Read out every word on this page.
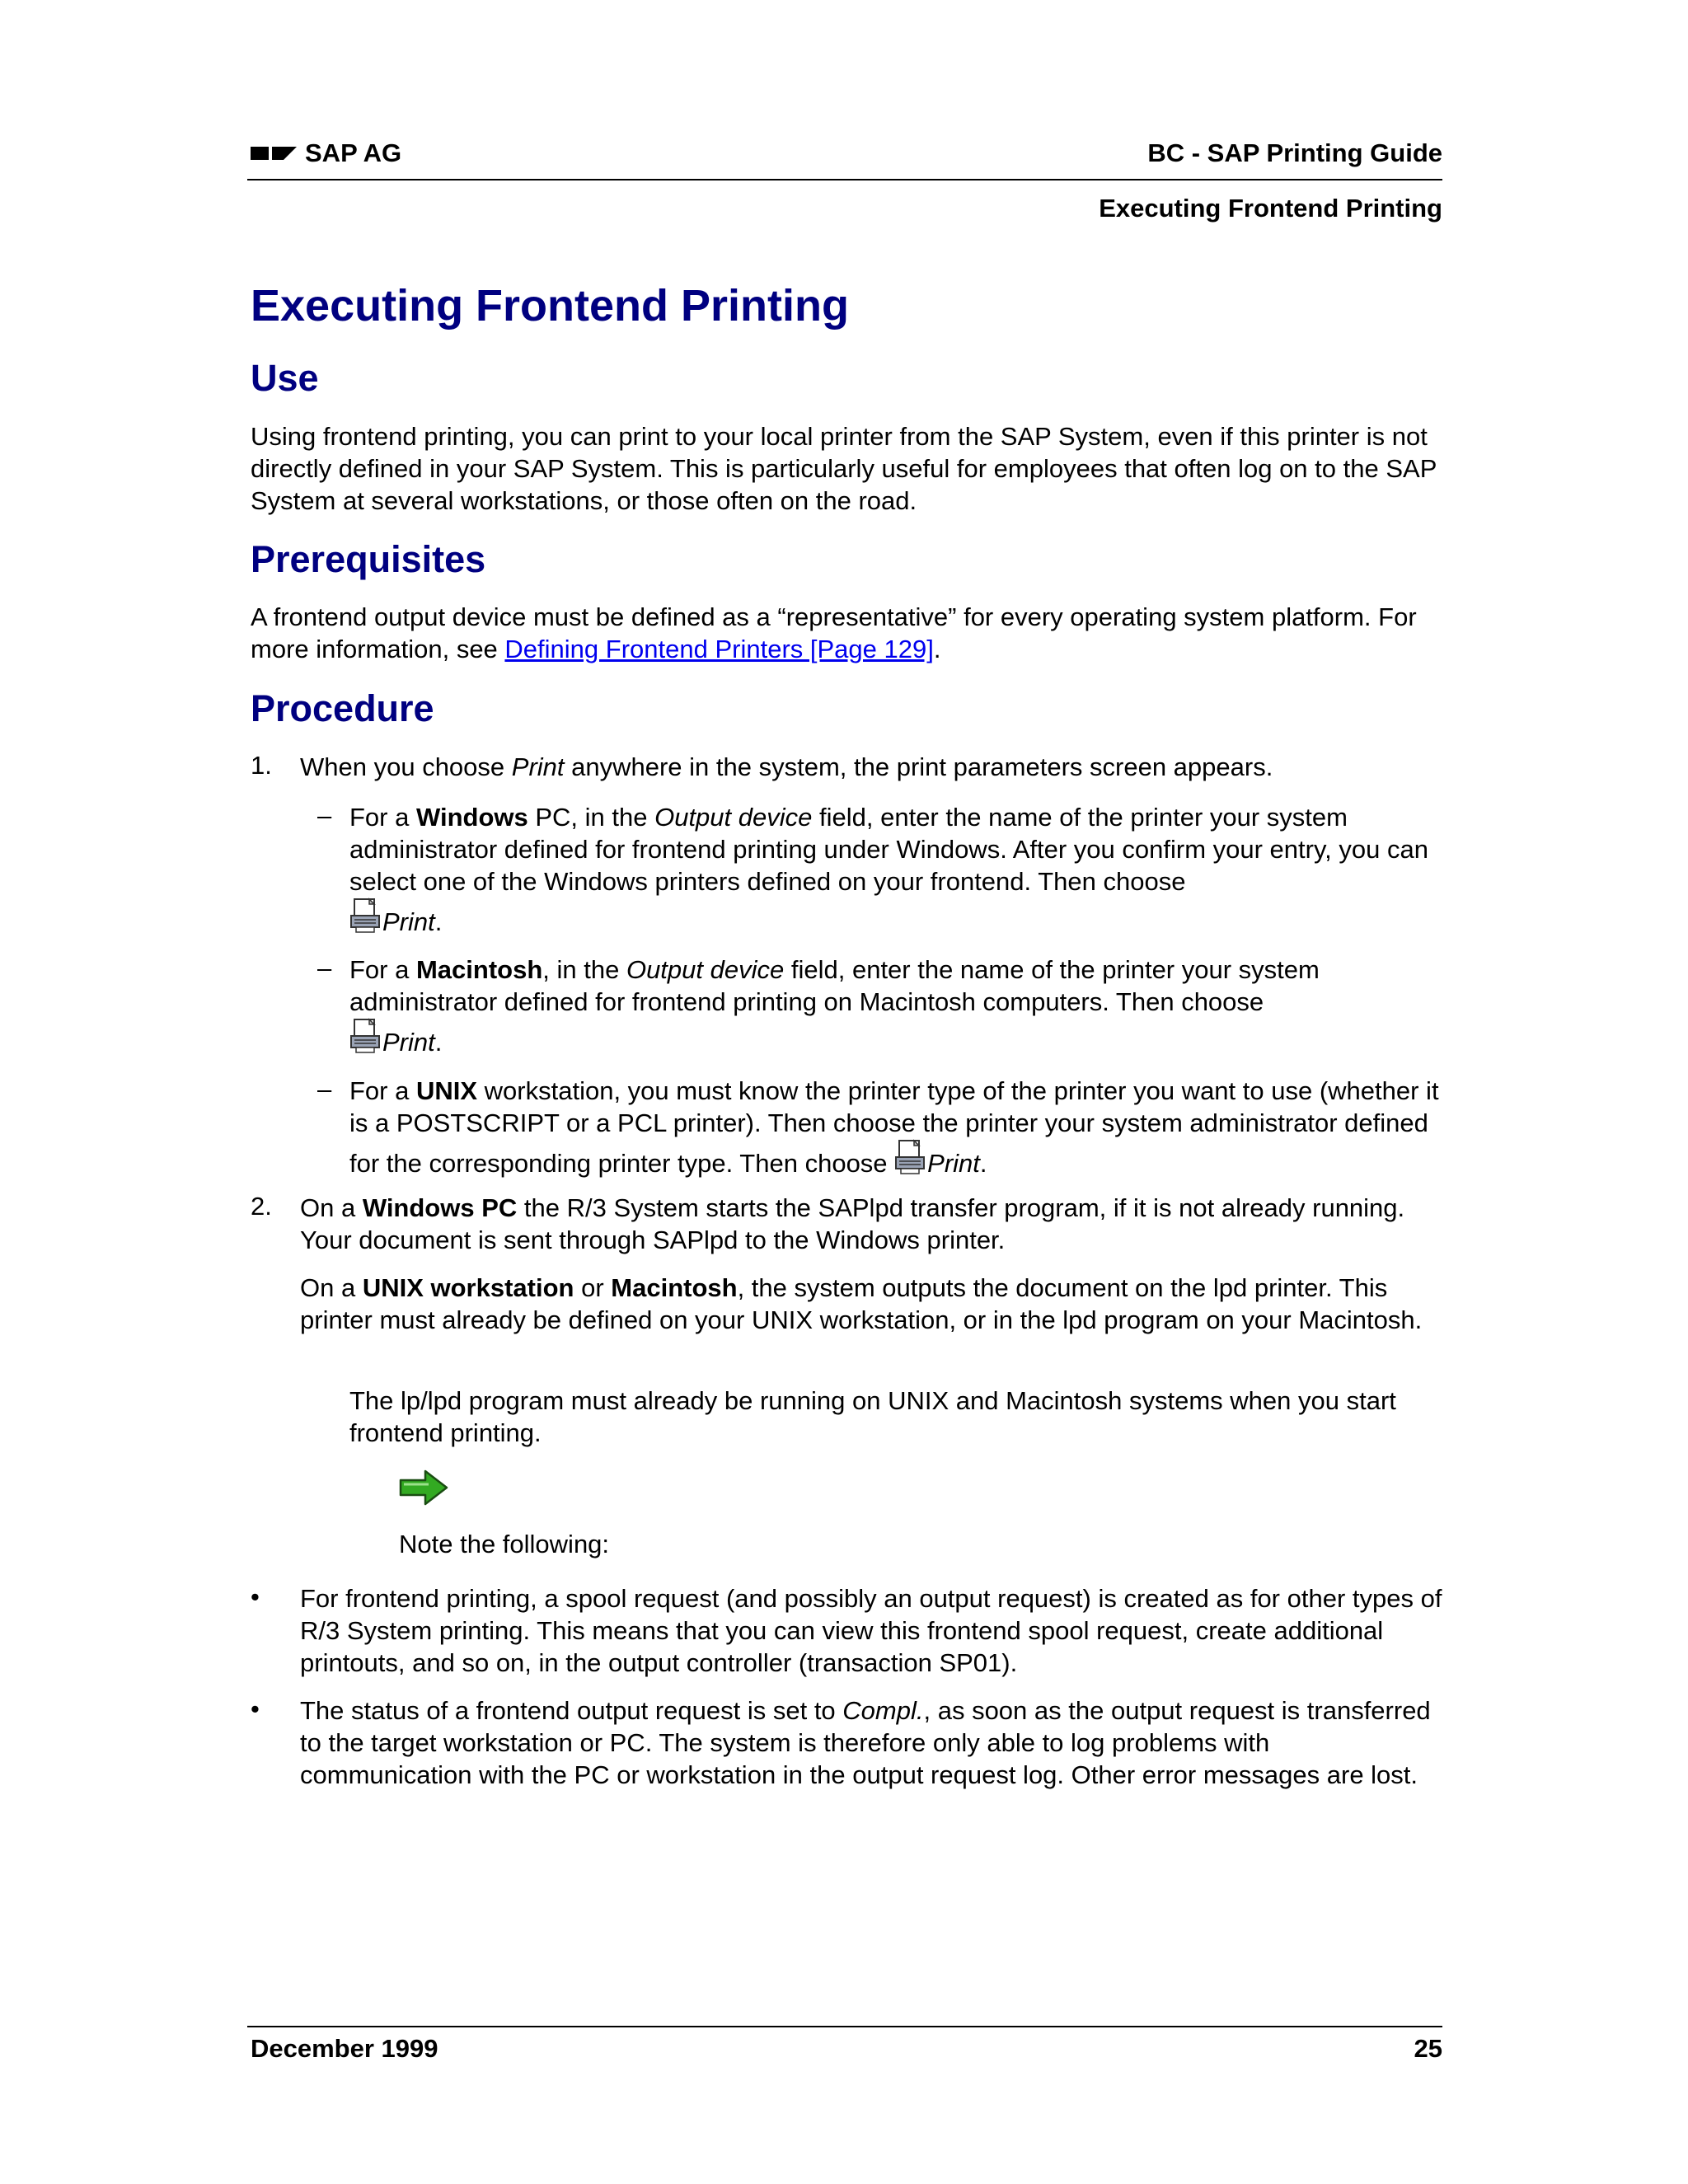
SAP AG	BC - SAP Printing Guide
Executing Frontend Printing
Executing Frontend Printing
Use
Using frontend printing, you can print to your local printer from the SAP System, even if this printer is not directly defined in your SAP System. This is particularly useful for employees that often log on to the SAP System at several workstations, or those often on the road.
Prerequisites
A frontend output device must be defined as a “representative” for every operating system platform. For more information, see Defining Frontend Printers [Page 129].
Procedure
1. When you choose Print anywhere in the system, the print parameters screen appears.
– For a Windows PC, in the Output device field, enter the name of the printer your system administrator defined for frontend printing under Windows. After you confirm your entry, you can select one of the Windows printers defined on your frontend. Then choose
Print.
– For a Macintosh, in the Output device field, enter the name of the printer your system administrator defined for frontend printing on Macintosh computers. Then choose
Print.
– For a UNIX workstation, you must know the printer type of the printer you want to use (whether it is a POSTSCRIPT or a PCL printer). Then choose the printer your system administrator defined for the corresponding printer type. Then choose Print.
2. On a Windows PC the R/3 System starts the SAPlpd transfer program, if it is not already running. Your document is sent through SAPlpd to the Windows printer.
On a UNIX workstation or Macintosh, the system outputs the document on the lpd printer. This printer must already be defined on your UNIX workstation, or in the lpd program on your Macintosh.
The lp/lpd program must already be running on UNIX and Macintosh systems when you start frontend printing.
Note the following:
• For frontend printing, a spool request (and possibly an output request) is created as for other types of R/3 System printing. This means that you can view this frontend spool request, create additional printouts, and so on, in the output controller (transaction SP01).
• The status of a frontend output request is set to Compl., as soon as the output request is transferred to the target workstation or PC. The system is therefore only able to log problems with communication with the PC or workstation in the output request log. Other error messages are lost.
December 1999	25
